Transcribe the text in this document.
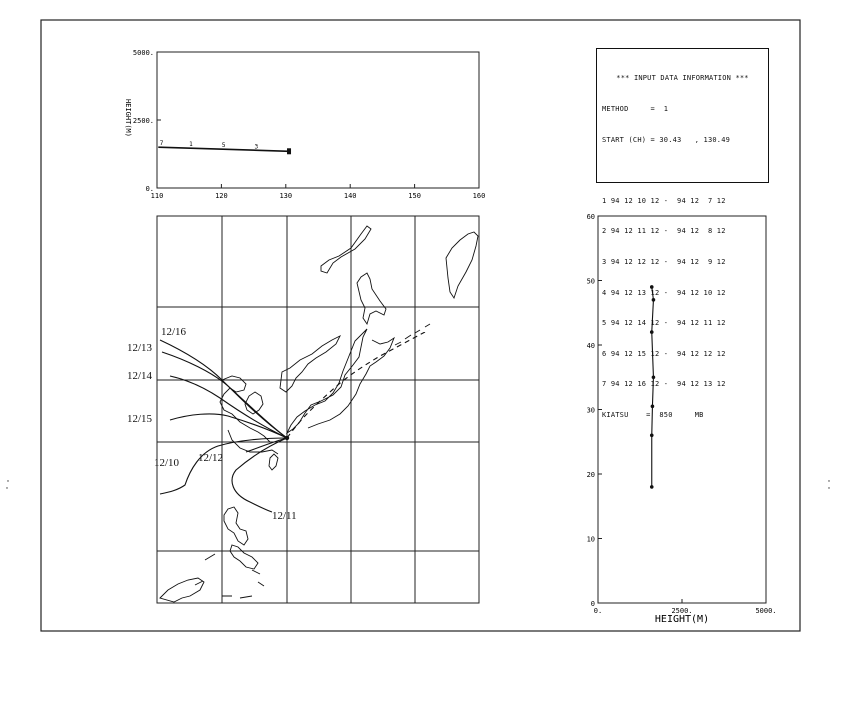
110	120	130	140	150	160
0.
2500.
5000.
HEIGHT(M)
7	1	5	3
12/16
12/13
12/14
12/15
12/10 12/12
12/11
0.	2500.	5000.
0
10
20
30
40
50
60
HEIGHT(M)

*** INPUT DATA INFORMATION ***

METHOD     =  1

START (CH) = 30.43   , 130.49

1 94 12 10 12 -  94 12  7 12

2 94 12 11 12 -  94 12  8 12

3 94 12 12 12 -  94 12  9 12

4 94 12 13 12 -  94 12 10 12

5 94 12 14 12 -  94 12 11 12

6 94 12 15 12 -  94 12 12 12

7 94 12 16 12 -  94 12 13 12

KIATSU    =  850     MB
